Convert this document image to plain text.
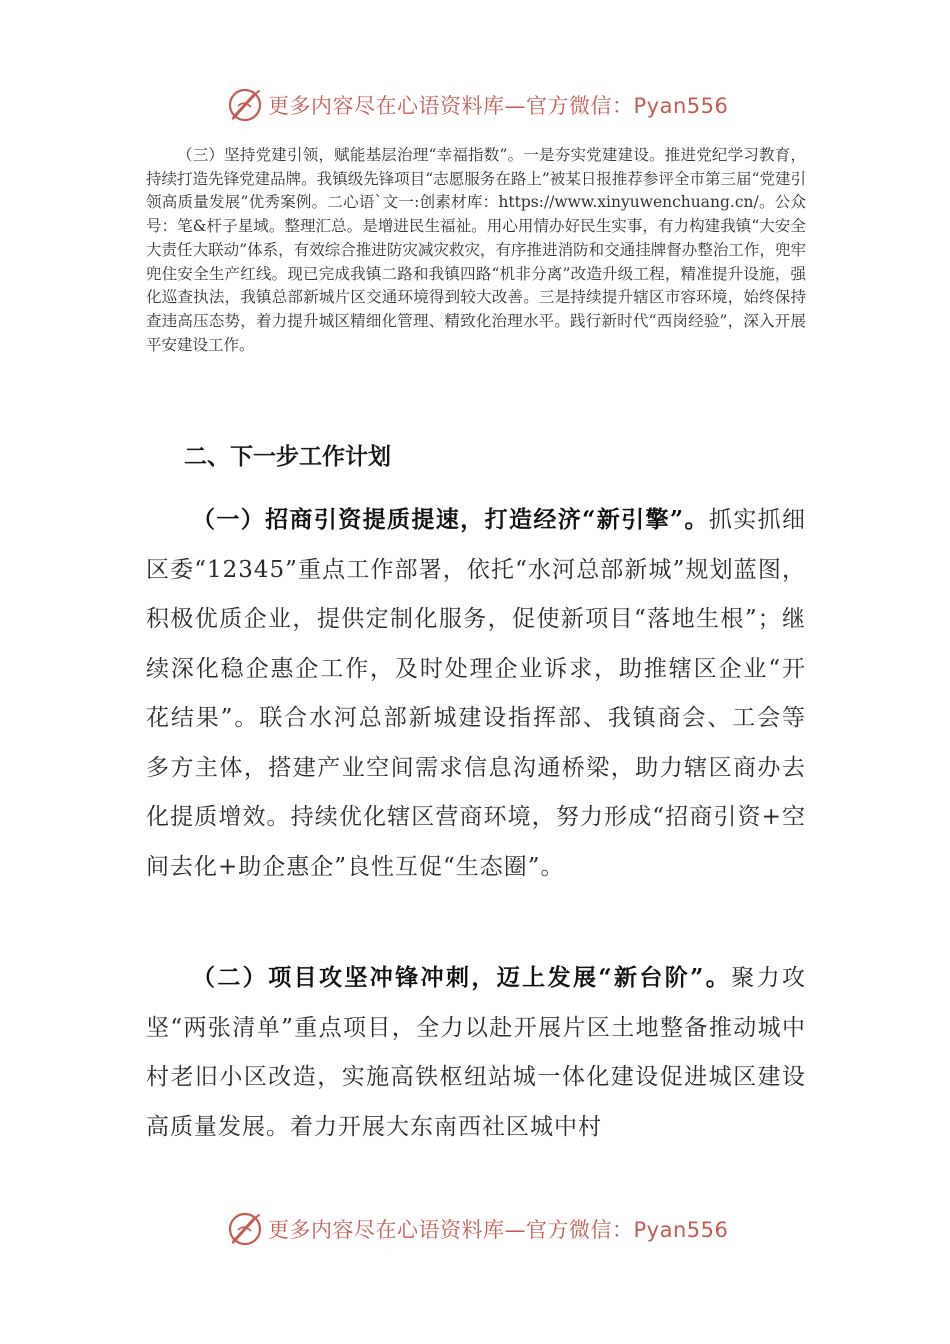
更多内容尽在心语资料库—官方微信：Pyan556

（三）坚持党建引领，赋能基层治理“幸福指数”。一是夯实党建建设。推进党纪学习教育，持续打造先锋党建品牌。我镇级先锋项目“志愿服务在路上”被某日报推荐参评全市第三届“党建引领高质量发展”优秀案例。二心语`文一:创素材库：https://www.xinyuwenchuang.cn/。公众号：笔&杆子星域。整理汇总。是增进民生福祉。用心用情办好民生实事，有力构建我镇“大安全大责任大联动”体系，有效综合推进防灾减灾救灾，有序推进消防和交通挂牌督办整治工作，兜牢兜住安全生产红线。现已完成我镇二路和我镇四路“机非分离”改造升级工程，精准提升设施，强化巡查执法，我镇总部新城片区交通环境得到较大改善。三是持续提升辖区市容环境，始终保持查违高压态势，着力提升城区精细化管理、精致化治理水平。践行新时代“西岗经验”，深入开展平安建设工作。

二、下一步工作计划

（一）招商引资提质提速，打造经济“新引擎”。抓实抓细区委“12345”重点工作部署，依托“水河总部新城”规划蓝图，积极优质企业，提供定制化服务，促使新项目“落地生根”；继续深化稳企惠企工作，及时处理企业诉求，助推辖区企业“开花结果”。联合水河总部新城建设指挥部、我镇商会、工会等多方主体，搭建产业空间需求信息沟通桥梁，助力辖区商办去化提质增效。持续优化辖区营商环境，努力形成“招商引资+空间去化+助企惠企”良性互促“生态圈”。

（二）项目攻坚冲锋冲刺，迈上发展“新台阶”。聚力攻坚“两张清单”重点项目，全力以赴开展片区土地整备推动城中村老旧小区改造，实施高铁枢纽站城一体化建设促进城区建设高质量发展。着力开展大东南西社区城中村

更多内容尽在心语资料库—官方微信：Pyan556
